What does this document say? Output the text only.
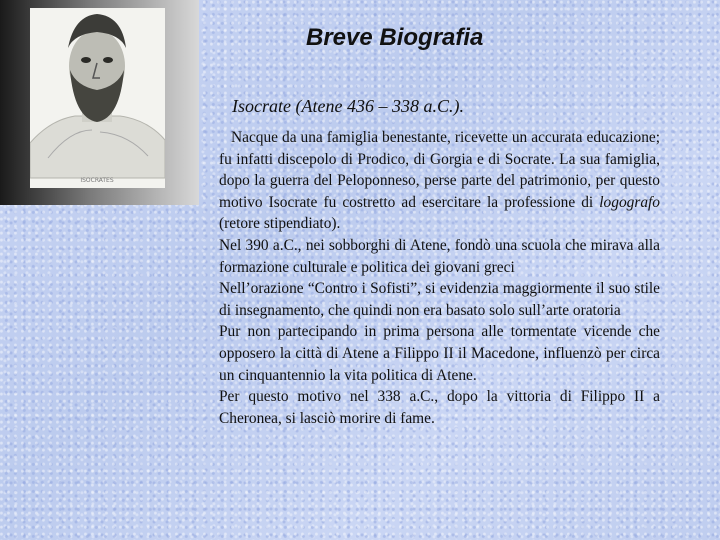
ISOCRATES
Breve Biografia
Isocrate (Atene 436 – 338 a.C.).

Nacque da una famiglia benestante, ricevette un accurata educazione; fu infatti discepolo di Prodico, di Gorgia e di Socrate. La sua famiglia, dopo la guerra del Peloponneso, perse parte del patrimonio, per questo motivo Isocrate fu costretto ad esercitare la professione di logografo (retore stipendiato).

Nel 390 a.C., nei sobborghi di Atene, fondò una scuola che mirava alla formazione culturale e politica dei giovani greci

Nell’orazione “Contro i Sofisti”, si evidenzia maggiormente il suo stile di insegnamento, che quindi non era basato solo sull’arte oratoria

Pur non partecipando in prima persona alle tormentate vicende che opposero la città di Atene a Filippo II il Macedone, influenzò per circa un cinquantennio la vita politica di Atene.

Per questo motivo nel 338 a.C., dopo la vittoria di Filippo II a Cheronea, si lasciò morire di fame.
